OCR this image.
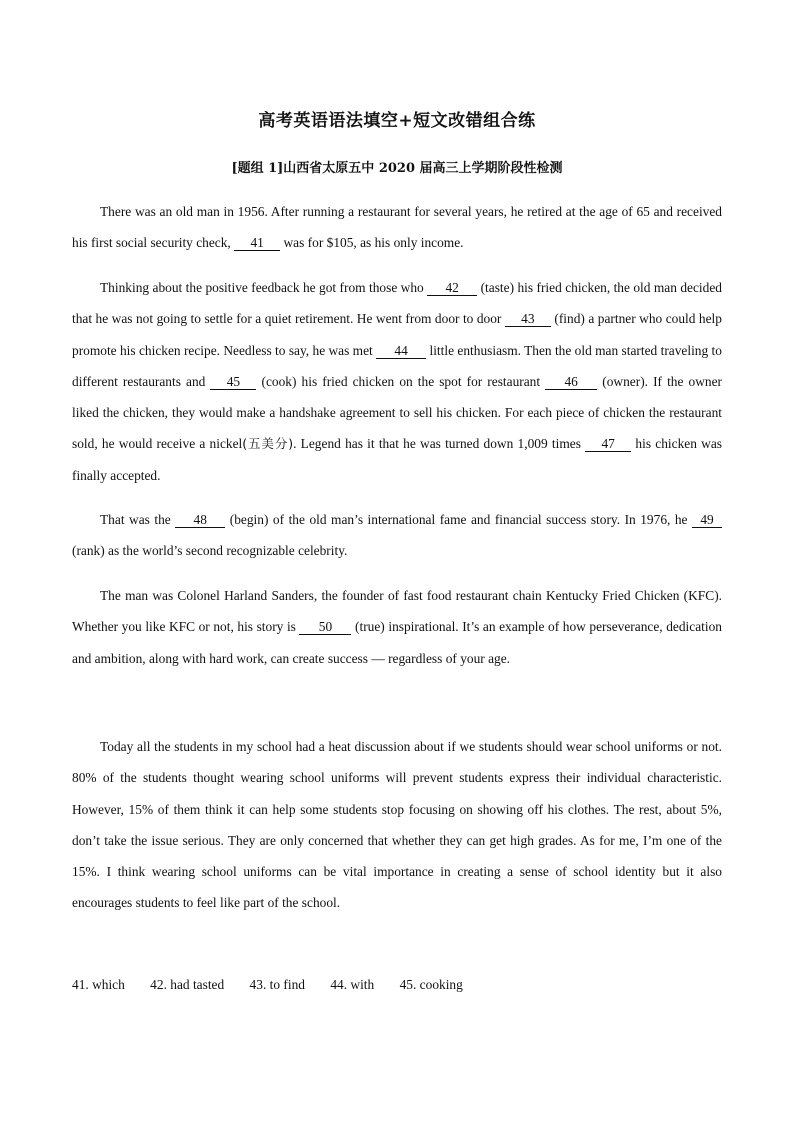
高考英语语法填空+短文改错组合练
[题组 1]山西省太原五中 2020 届高三上学期阶段性检测

There was an old man in 1956. After running a restaurant for several years, he retired at the age of 65 and received his first social security check, 41 was for $105, as his only income.

Thinking about the positive feedback he got from those who 42 (taste) his fried chicken, the old man decided that he was not going to settle for a quiet retirement. He went from door to door 43 (find) a partner who could help promote his chicken recipe. Needless to say, he was met 44 little enthusiasm. Then the old man started traveling to different restaurants and 45 (cook) his fried chicken on the spot for restaurant 46 (owner). If the owner liked the chicken, they would make a handshake agreement to sell his chicken. For each piece of chicken the restaurant sold, he would receive a nickel(五美分). Legend has it that he was turned down 1,009 times 47 his chicken was finally accepted.

That was the 48 (begin) of the old man’s international fame and financial success story. In 1976, he 49 (rank) as the world’s second recognizable celebrity.

The man was Colonel Harland Sanders, the founder of fast food restaurant chain Kentucky Fried Chicken (KFC). Whether you like KFC or not, his story is 50 (true) inspirational. It’s an example of how perseverance, dedication and ambition, along with hard work, can create success — regardless of your age.

Today all the students in my school had a heat discussion about if we students should wear school uniforms or not. 80% of the students thought wearing school uniforms will prevent students express their individual characteristic. However, 15% of them think it can help some students stop focusing on showing off his clothes. The rest, about 5%, don’t take the issue serious. They are only concerned that whether they can get high grades. As for me, I’m one of the 15%. I think wearing school uniforms can be vital importance in creating a sense of school identity but it also encourages students to feel like part of the school.

41. which 42. had tasted 43. to find 44. with 45. cooking
